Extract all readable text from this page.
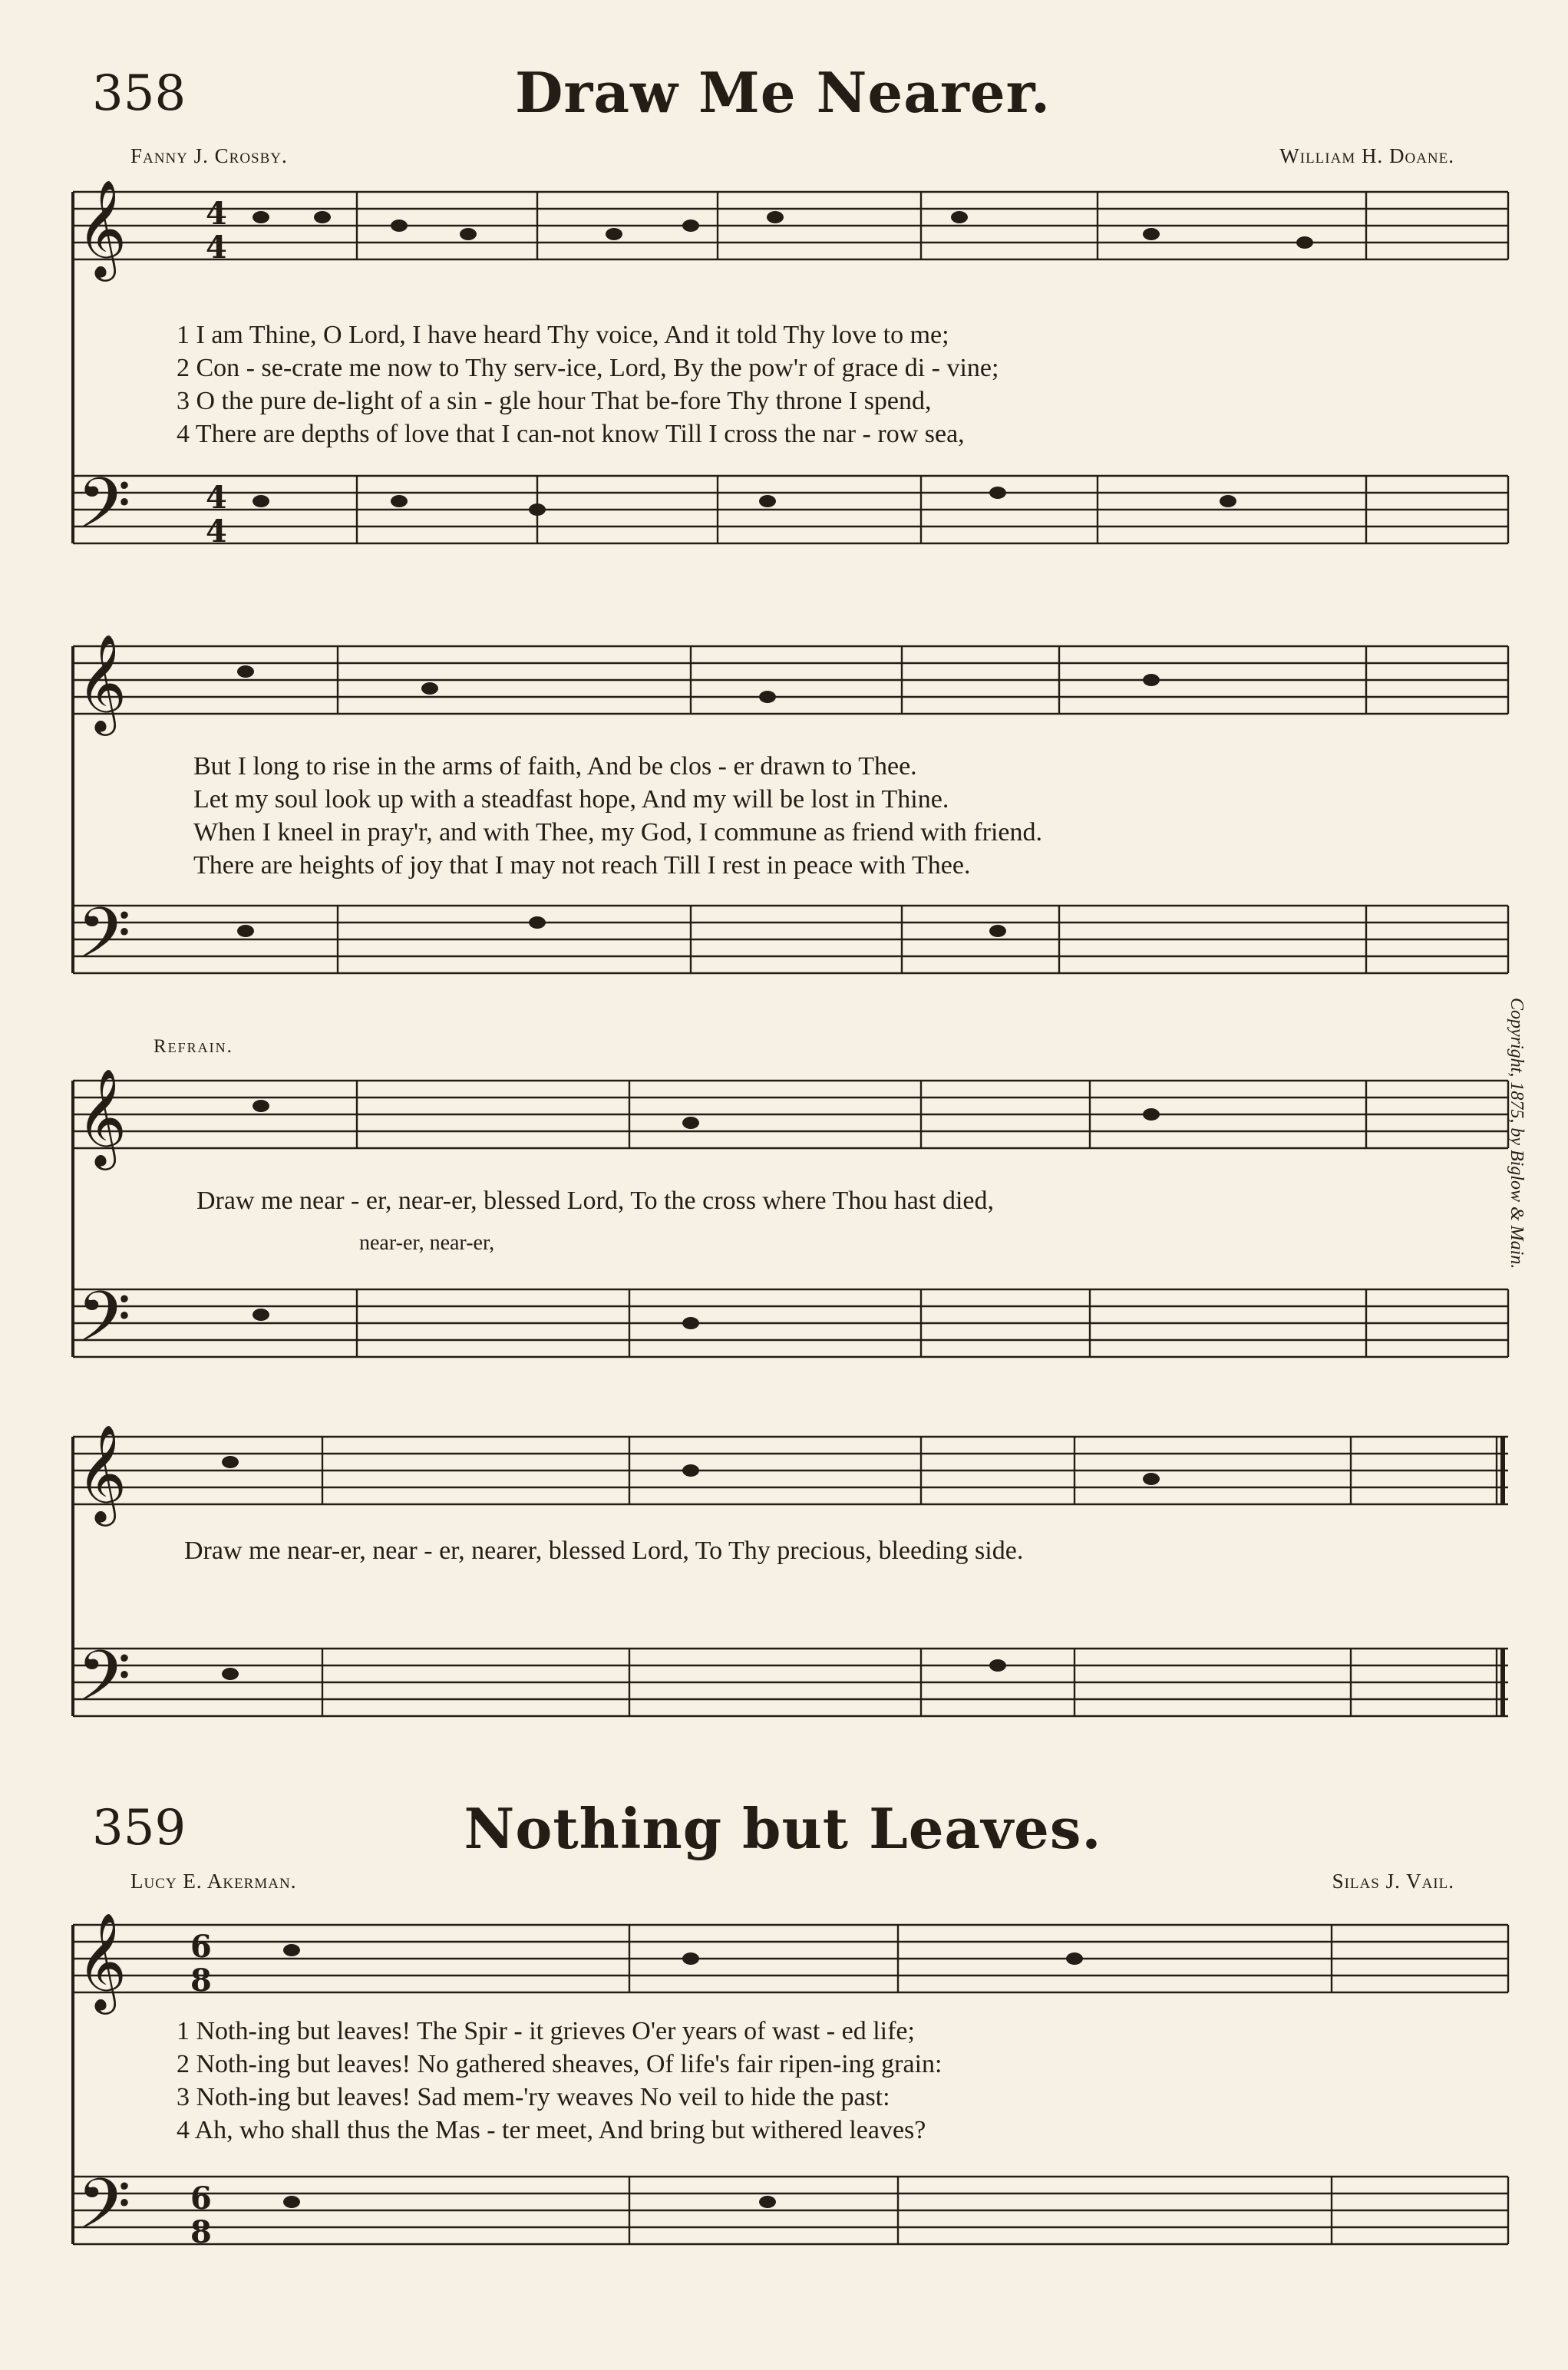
358	Draw Me Nearer.
Fanny J. Crosby.	William H. Doane.
𝄞
𝄢
𝄞
𝄢
𝄞
𝄢
𝄞
𝄢
𝄞
𝄢
4
4
4
4
6
8
6
8
1 I am Thine, O Lord, I have heard Thy voice, And it told Thy love to me;
2 Con - se-crate me now to Thy serv-ice, Lord, By the pow'r of grace di - vine;
3 O the pure de-light of a sin - gle hour That be-fore Thy throne I spend,
4 There are depths of love that I can-not know Till I cross the nar - row sea,
But I long to rise in the arms of faith, And be clos - er drawn to Thee.
Let my soul look up with a steadfast hope, And my will be lost in Thine.
When I kneel in pray'r, and with Thee, my God, I commune as friend with friend.
There are heights of joy that I may not reach Till I rest in peace with Thee.
Refrain.
Draw me near - er, near-er, blessed Lord, To the cross where Thou hast died,
near-er, near-er,
Draw me near-er, near - er, nearer, blessed Lord, To Thy precious, bleeding side.
Copyright, 1875, by Biglow & Main.
359	Nothing but Leaves.
Lucy E. Akerman.	Silas J. Vail.
1 Noth-ing but leaves! The Spir - it grieves O'er years of wast - ed life;
2 Noth-ing but leaves! No gathered sheaves, Of life's fair ripen-ing grain:
3 Noth-ing but leaves! Sad mem-'ry weaves No veil to hide the past:
4 Ah, who shall thus the Mas - ter meet, And bring but withered leaves?
